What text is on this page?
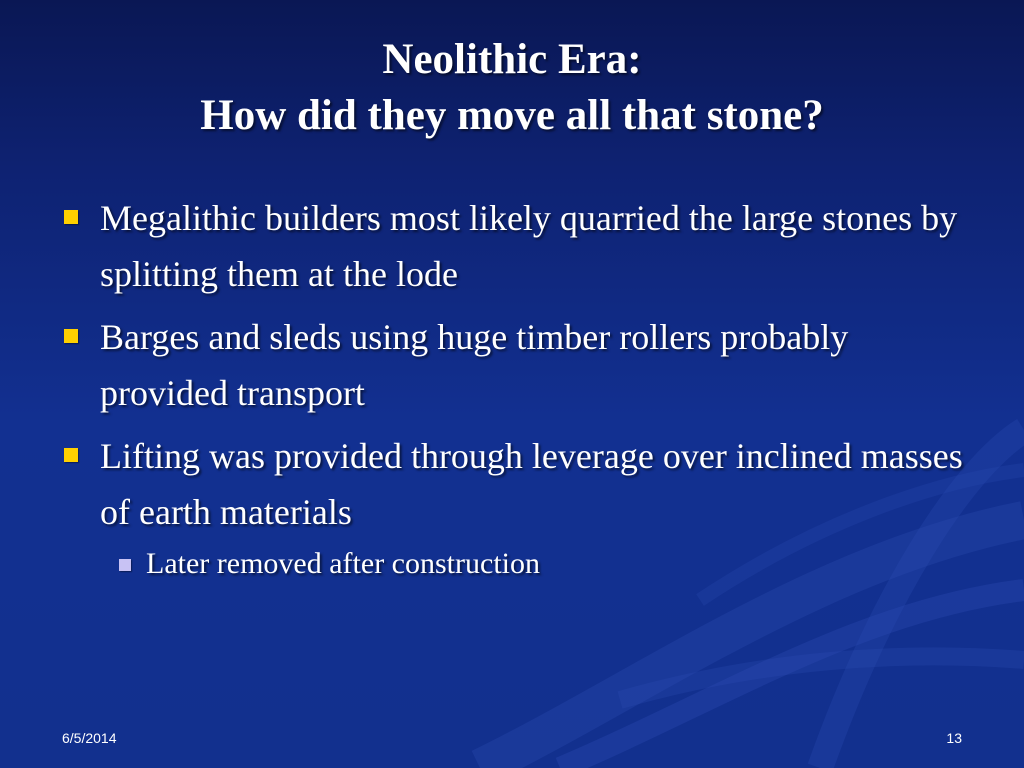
Neolithic Era:
How did they move all that stone?
Megalithic builders most likely quarried the large stones by splitting them at the lode
Barges and sleds using huge timber rollers probably provided transport
Lifting was provided through leverage over inclined masses of earth materials
Later removed after construction
6/5/2014	13
